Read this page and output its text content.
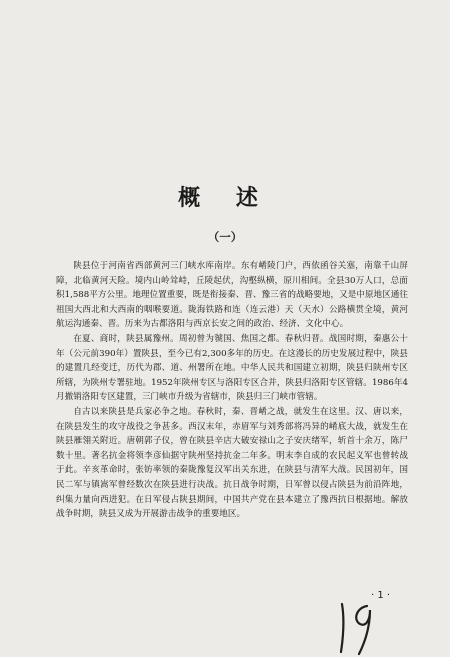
概 述
（一）

陕县位于河南省西部黄河三门峡水库南岸。东有崤陵门户，西依函谷关塞，南靠千山屏障，北临黄河天险。境内山岭耸峙，丘陵起伏，沟壑纵横，原川相间。全县30万人口，总面积1,588平方公里。地理位置重要，既是衔接秦、晋、豫三省的战略要地，又是中原地区通往祖国大西北和大西南的咽喉要道。陇海铁路和连（连云港）天（天水）公路横贯全境，黄河航运沟通秦、晋。历来为古都洛阳与西京长安之间的政治、经济、文化中心。

在夏、商时，陕县属豫州。周初曾为虢国、焦国之都。春秋归晋。战国时期，秦惠公十年（公元前390年）置陕县，至今已有2,300多年的历史。在这漫长的历史发展过程中，陕县的建置几经变迁，历代为郡、道、州署所在地。中华人民共和国建立初期，陕县归陕州专区所辖，为陕州专署驻地。1952年陕州专区与洛阳专区合并，陕县归洛阳专区管辖。1986年4月撤销洛阳专区建置，三门峡市升级为省辖市，陕县归三门峡市管辖。

自古以来陕县是兵家必争之地。春秋时，秦、晋崤之战，就发生在这里。汉、唐以来，在陕县发生的攻守战役之争甚多。西汉末年，赤眉军与刘秀部将冯异的崤底大战，就发生在陕县雁翎关附近。唐朝郭子仪，曾在陕县辛店大破安禄山之子安庆绪军，斩首十余万，陈尸数十里。著名抗金将领李彦仙据守陕州坚持抗金二年多。明末李自成的农民起义军也曾转战于此。辛亥革命时，张钫率领的秦陇豫复汉军出关东进，在陕县与清军大战。民国初年，国民二军与镇嵩军曾经数次在陕县进行决战。抗日战争时期，日军曾以侵占陕县为前沿阵地，纠集力量向西进犯。在日军侵占陕县期间，中国共产党在县本建立了豫西抗日根据地。解放战争时期，陕县又成为开展游击战争的重要地区。

· 1 ·
